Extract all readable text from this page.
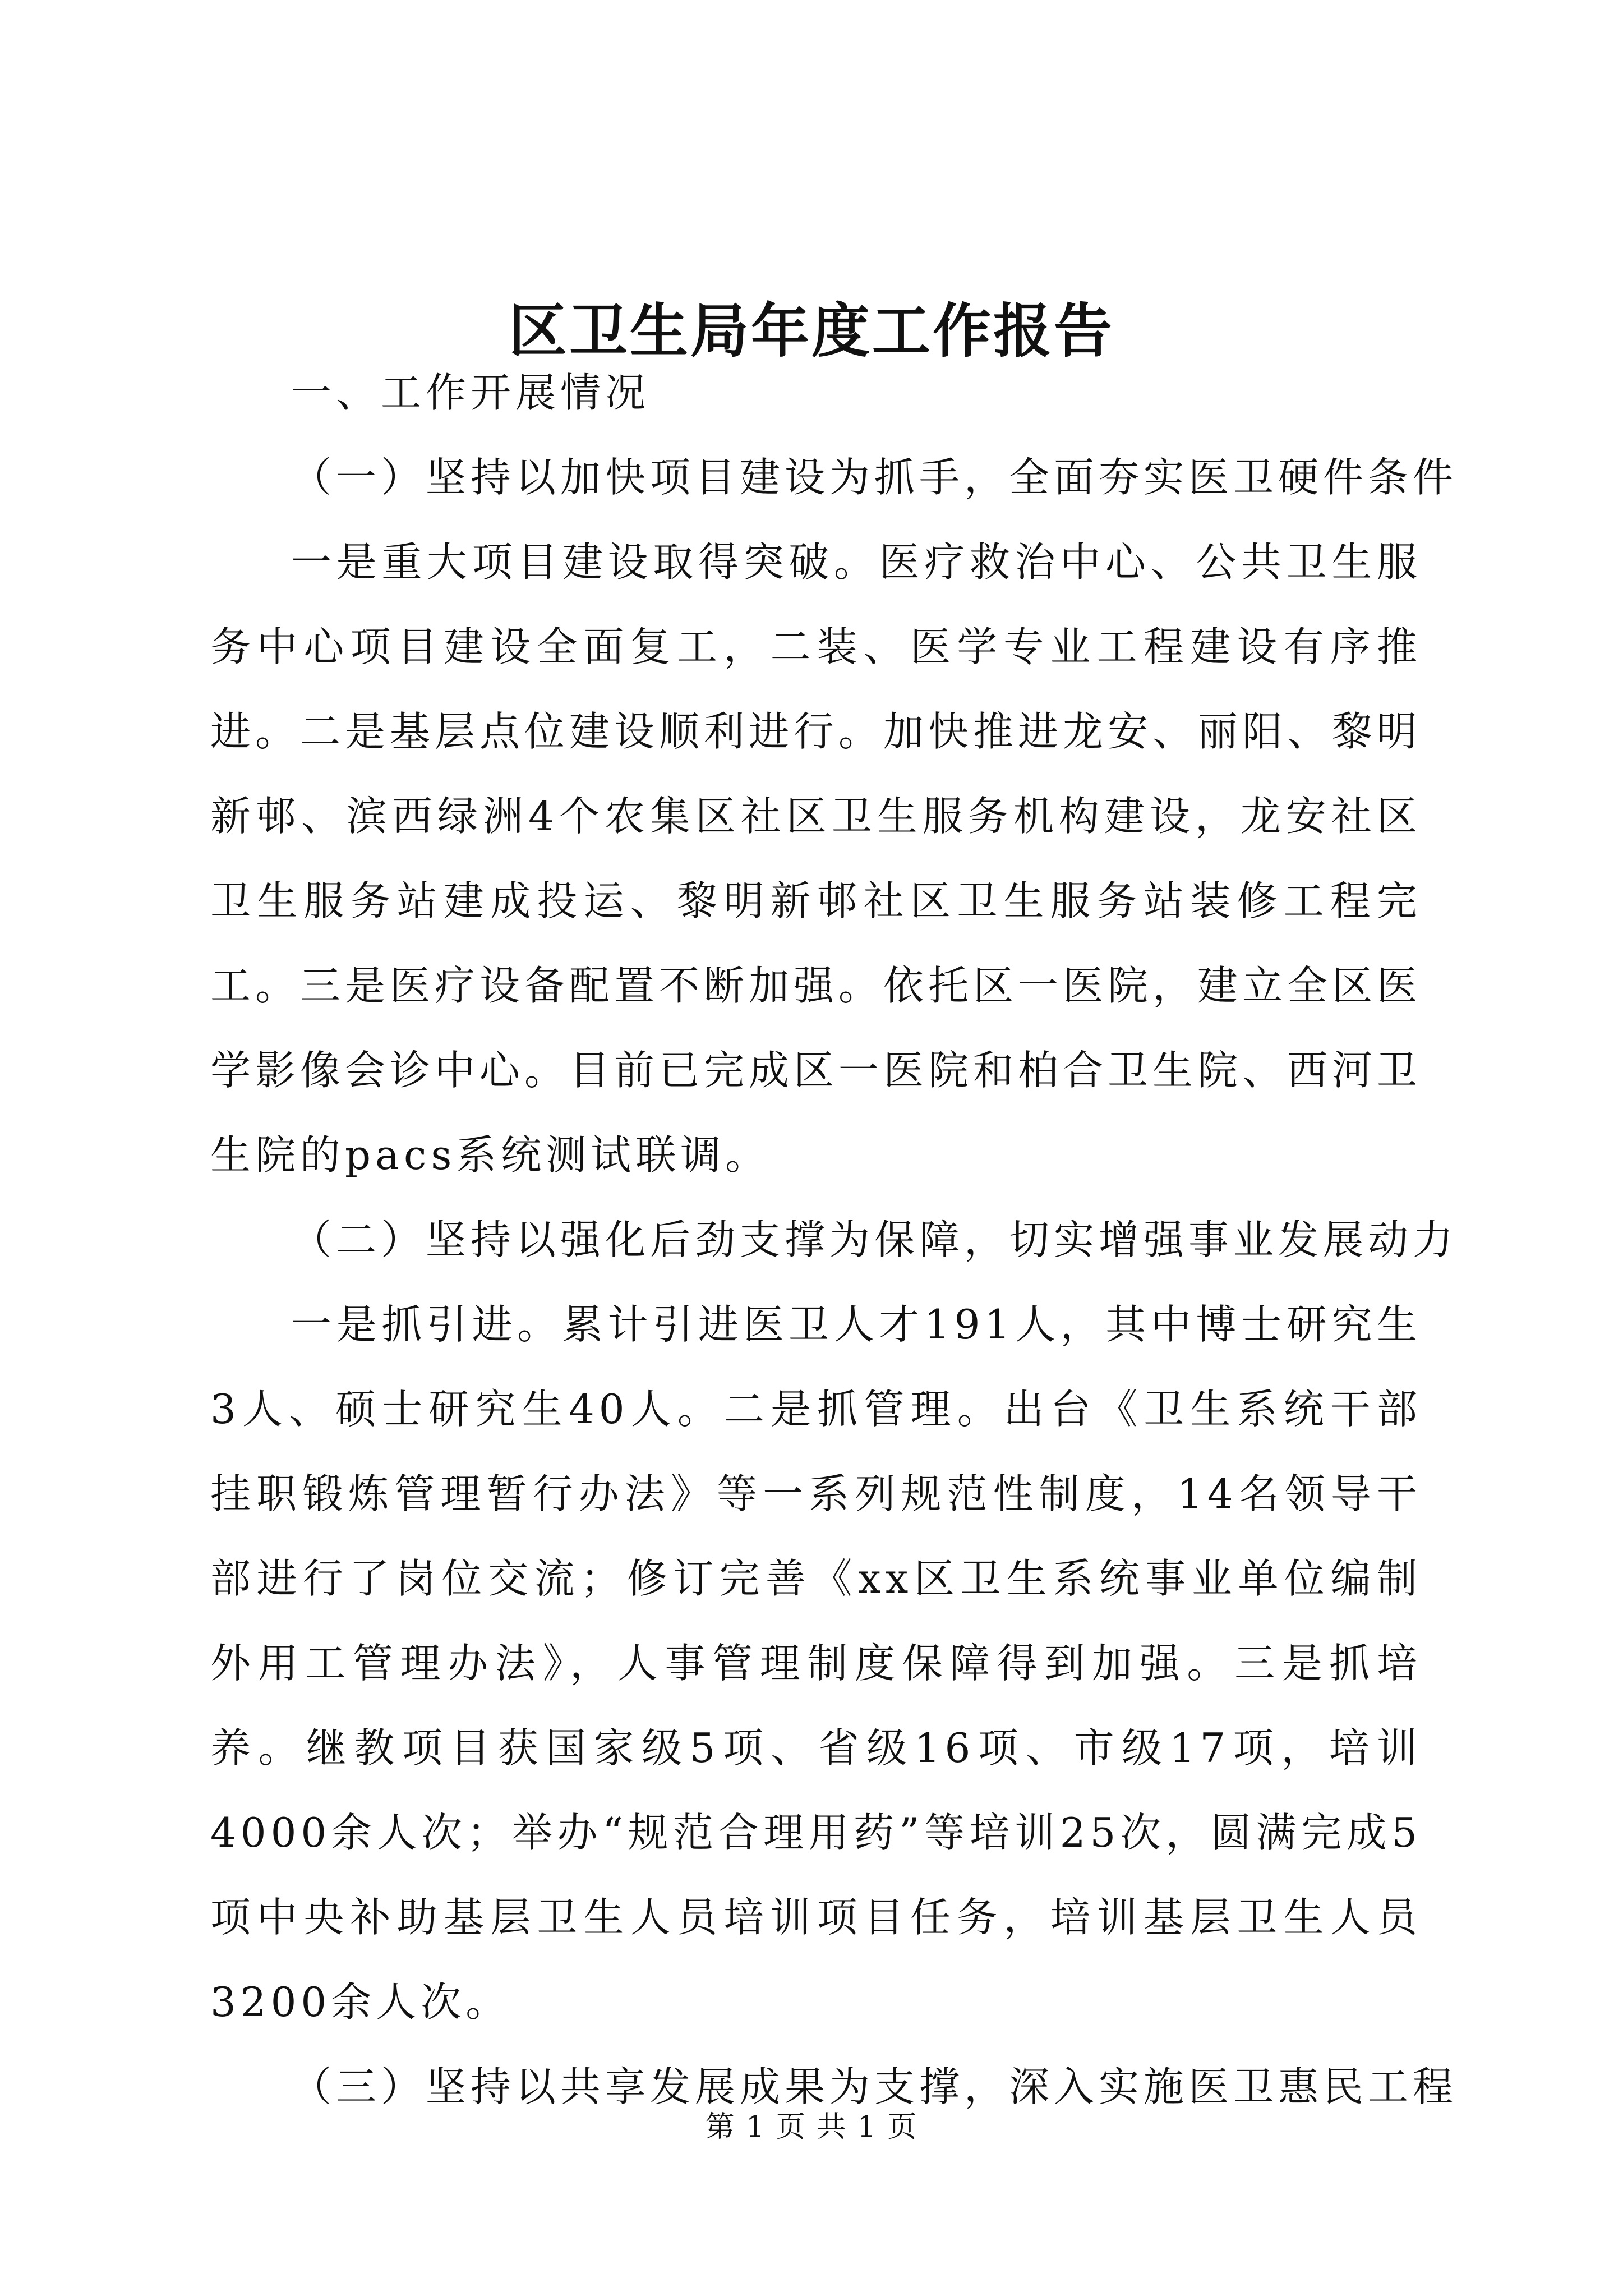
区卫生局年度工作报告

一、工作开展情况

（一）坚持以加快项目建设为抓手，全面夯实医卫硬件条件

一是重大项目建设取得突破。医疗救治中心、公共卫生服务中心项目建设全面复工，二装、医学专业工程建设有序推进。二是基层点位建设顺利进行。加快推进龙安、丽阳、黎明新邨、滨西绿洲4个农集区社区卫生服务机构建设，龙安社区卫生服务站建成投运、黎明新邨社区卫生服务站装修工程完工。三是医疗设备配置不断加强。依托区一医院，建立全区医学影像会诊中心。目前已完成区一医院和柏合卫生院、西河卫生院的pacs系统测试联调。

（二）坚持以强化后劲支撑为保障，切实增强事业发展动力

一是抓引进。累计引进医卫人才191人，其中博士研究生3人、硕士研究生40人。二是抓管理。出台《卫生系统干部挂职锻炼管理暂行办法》等一系列规范性制度，14名领导干部进行了岗位交流；修订完善《xx区卫生系统事业单位编制外用工管理办法》，人事管理制度保障得到加强。三是抓培养。继教项目获国家级5项、省级16项、市级17项，培训4000余人次；举办“规范合理用药”等培训25次，圆满完成5项中央补助基层卫生人员培训项目任务，培训基层卫生人员3200余人次。

（三）坚持以共享发展成果为支撑，深入实施医卫惠民工程

第 1 页 共 1 页
